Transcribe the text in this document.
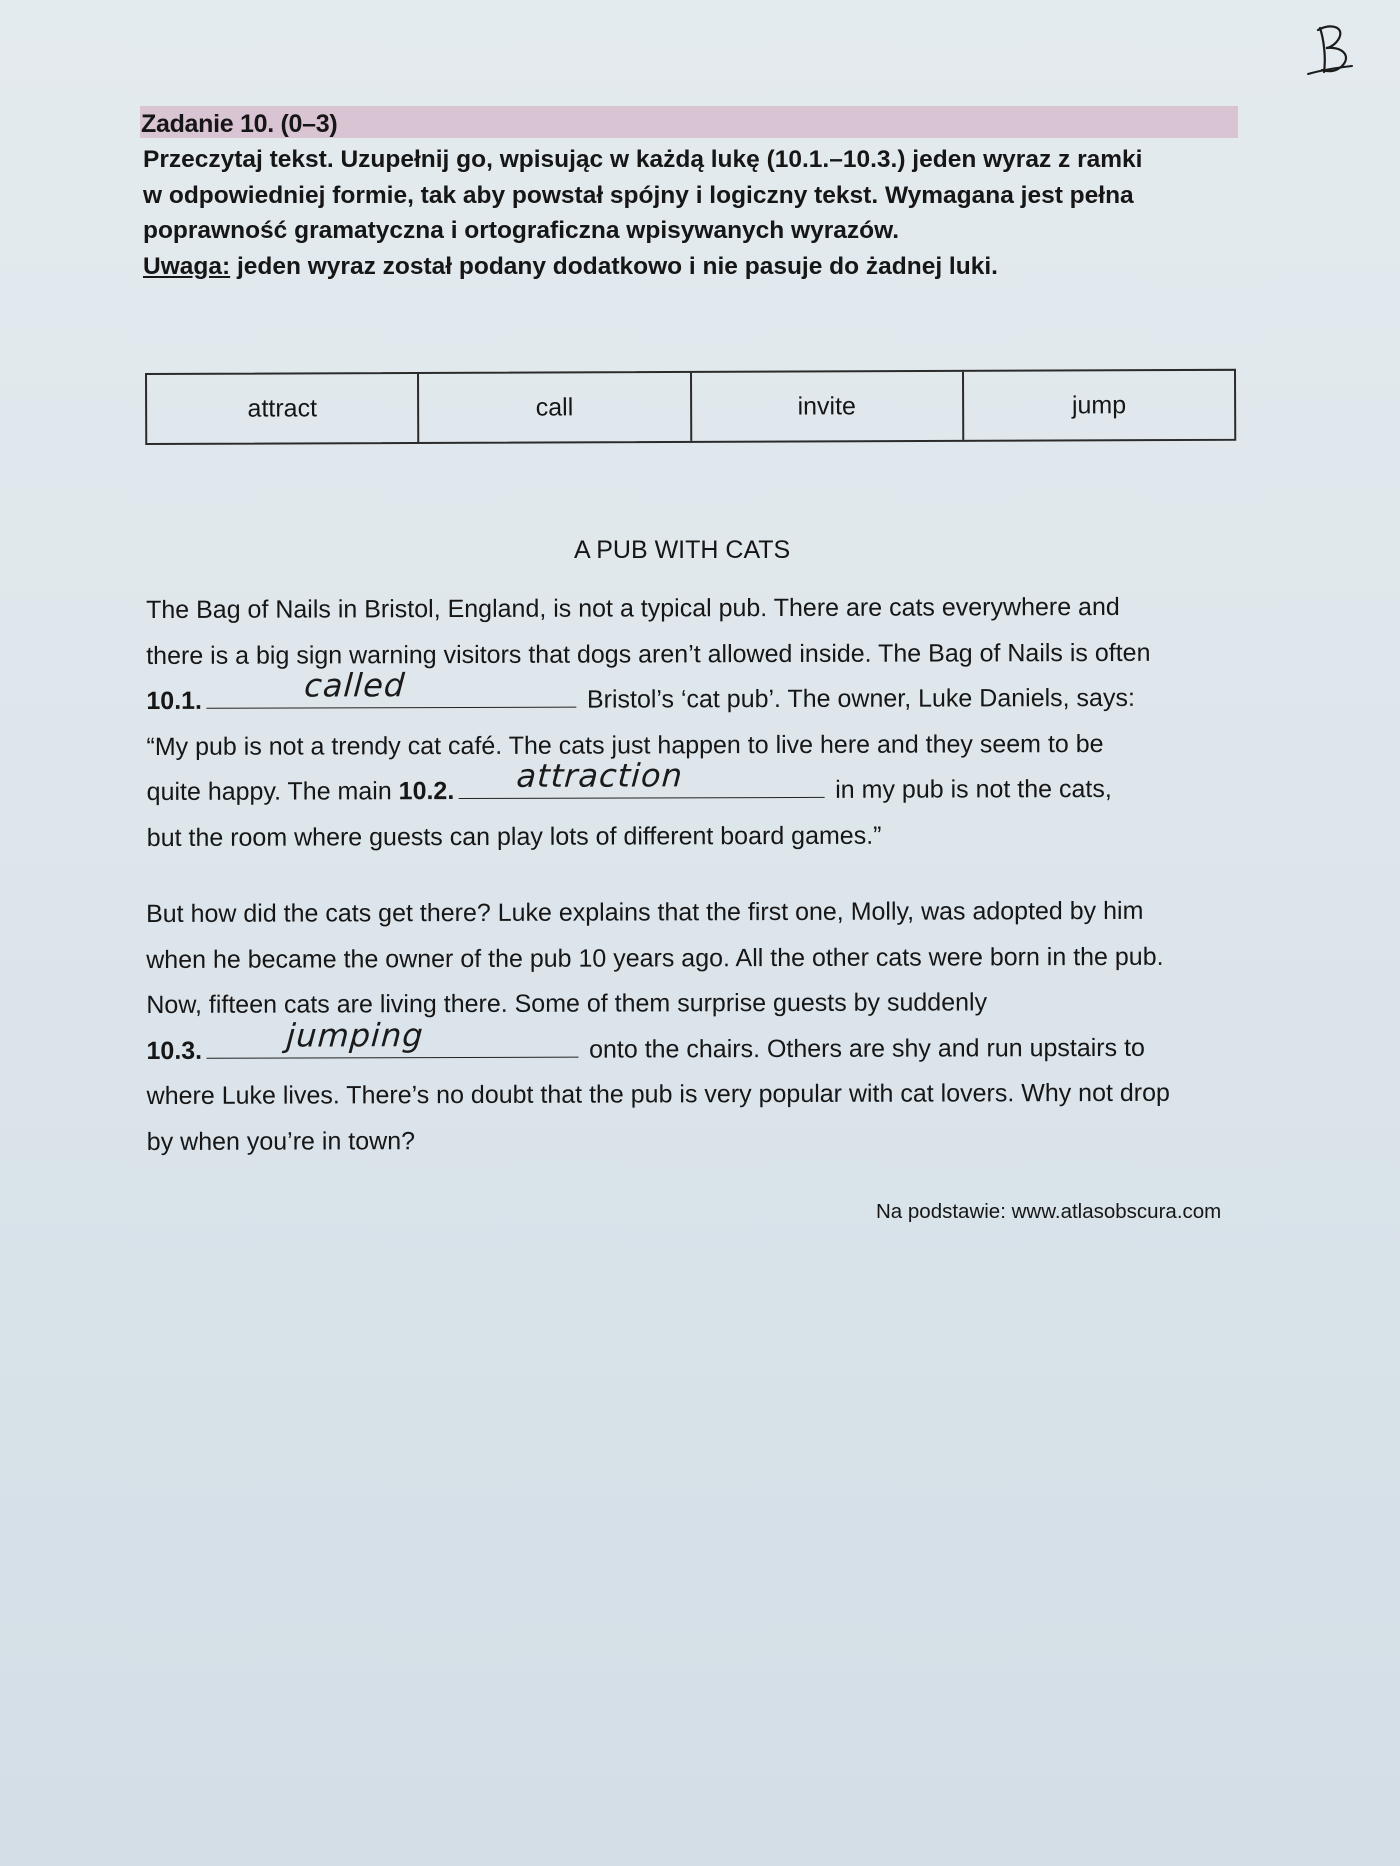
Zadanie 10. (0–3)
Przeczytaj tekst. Uzupełnij go, wpisując w każdą lukę (10.1.–10.3.) jeden wyraz z ramki
w odpowiedniej formie, tak aby powstał spójny i logiczny tekst. Wymagana jest pełna
poprawność gramatyczna i ortograficzna wpisywanych wyrazów.
Uwaga: jeden wyraz został podany dodatkowo i nie pasuje do żadnej luki.
attract	call	invite	jump
A PUB WITH CATS
The Bag of Nails in Bristol, England, is not a typical pub. There are cats everywhere and
there is a big sign warning visitors that dogs aren’t allowed inside. The Bag of Nails is often
10.1.	called	Bristol’s ‘cat pub’. The owner, Luke Daniels, says:
“My pub is not a trendy cat café. The cats just happen to live here and they seem to be
quite happy. The main 10.2. attraction	in my pub is not the cats,
but the room where guests can play lots of different board games.”
But how did the cats get there? Luke explains that the first one, Molly, was adopted by him
when he became the owner of the pub 10 years ago. All the other cats were born in the pub.
Now, fifteen cats are living there. Some of them surprise guests by suddenly
10.3.	jumping	onto the chairs. Others are shy and run upstairs to
where Luke lives. There’s no doubt that the pub is very popular with cat lovers. Why not drop
by when you’re in town?
Na podstawie: www.atlasobscura.com
